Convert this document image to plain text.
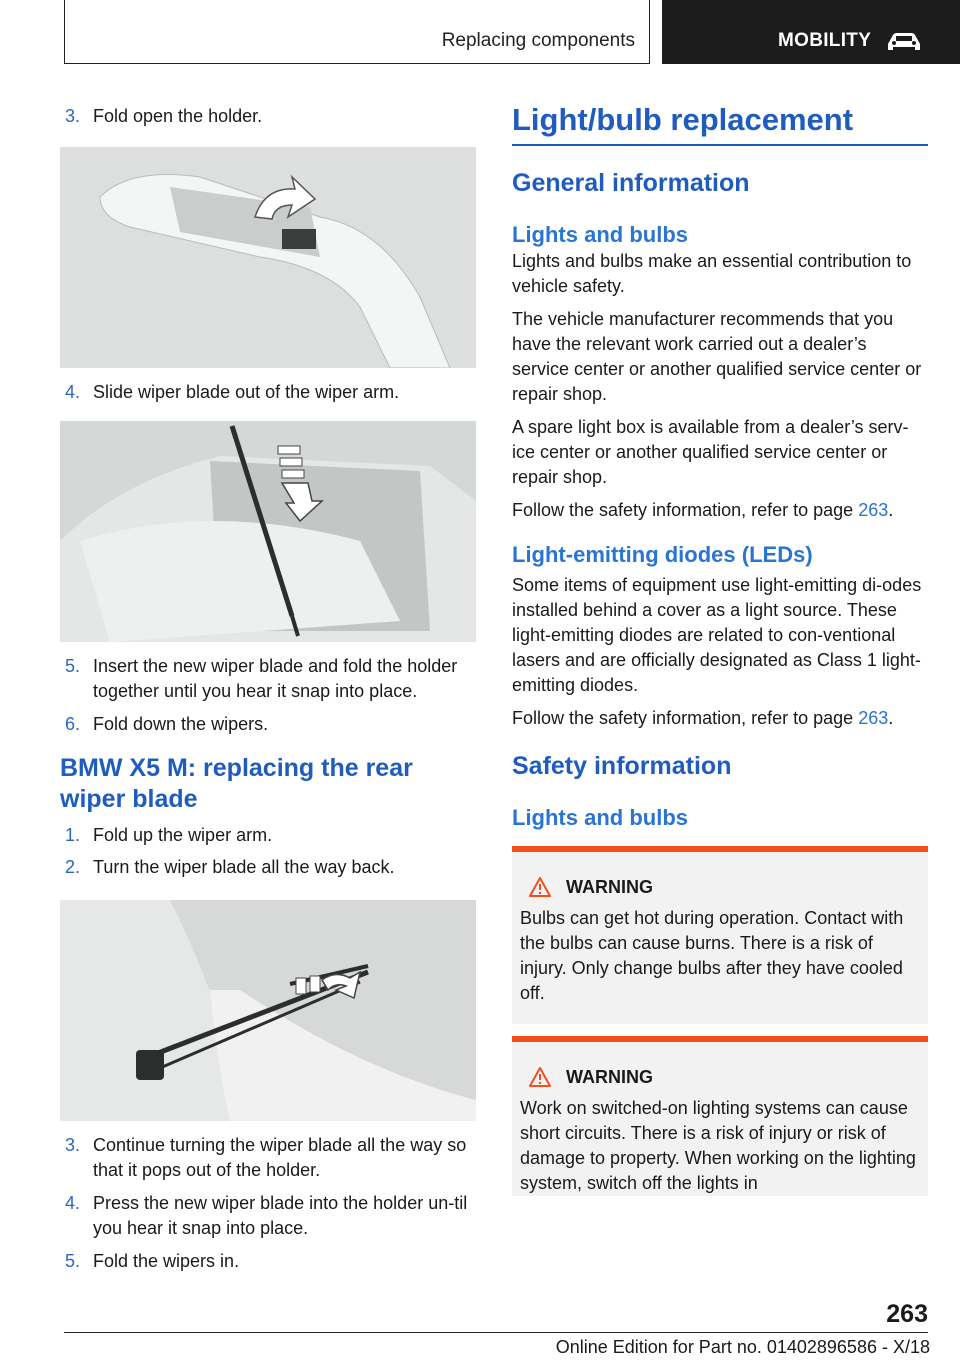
Replacing components	MOBILITY
3. Fold open the holder.
4. Slide wiper blade out of the wiper arm.
5. Insert the new wiper blade and fold the holder together until you hear it snap into place.
6. Fold down the wipers.
BMW X5 M: replacing the rear wiper blade
1. Fold up the wiper arm.
2. Turn the wiper blade all the way back.
3. Continue turning the wiper blade all the way so that it pops out of the holder.
4. Press the new wiper blade into the holder un-til you hear it snap into place.
5. Fold the wipers in.
Light/bulb replacement
General information
Lights and bulbs

Lights and bulbs make an essential contribution to vehicle safety.

The vehicle manufacturer recommends that you have the relevant work carried out a dealer’s service center or another qualified service center or repair shop.

A spare light box is available from a dealer’s serv-ice center or another qualified service center or repair shop.

Follow the safety information, refer to page 263.

Light-emitting diodes (LEDs)

Some items of equipment use light-emitting di-odes installed behind a cover as a light source. These light-emitting diodes are related to con-ventional lasers and are officially designated as Class 1 light-emitting diodes.

Follow the safety information, refer to page 263.

Safety information
Lights and bulbs
WARNING

Bulbs can get hot during operation. Contact with the bulbs can cause burns. There is a risk of injury. Only change bulbs after they have cooled off.

WARNING

Work on switched-on lighting systems can cause short circuits. There is a risk of injury or risk of damage to property. When working on the lighting system, switch off the lights in

263
Online Edition for Part no. 01402896586 - X/18
